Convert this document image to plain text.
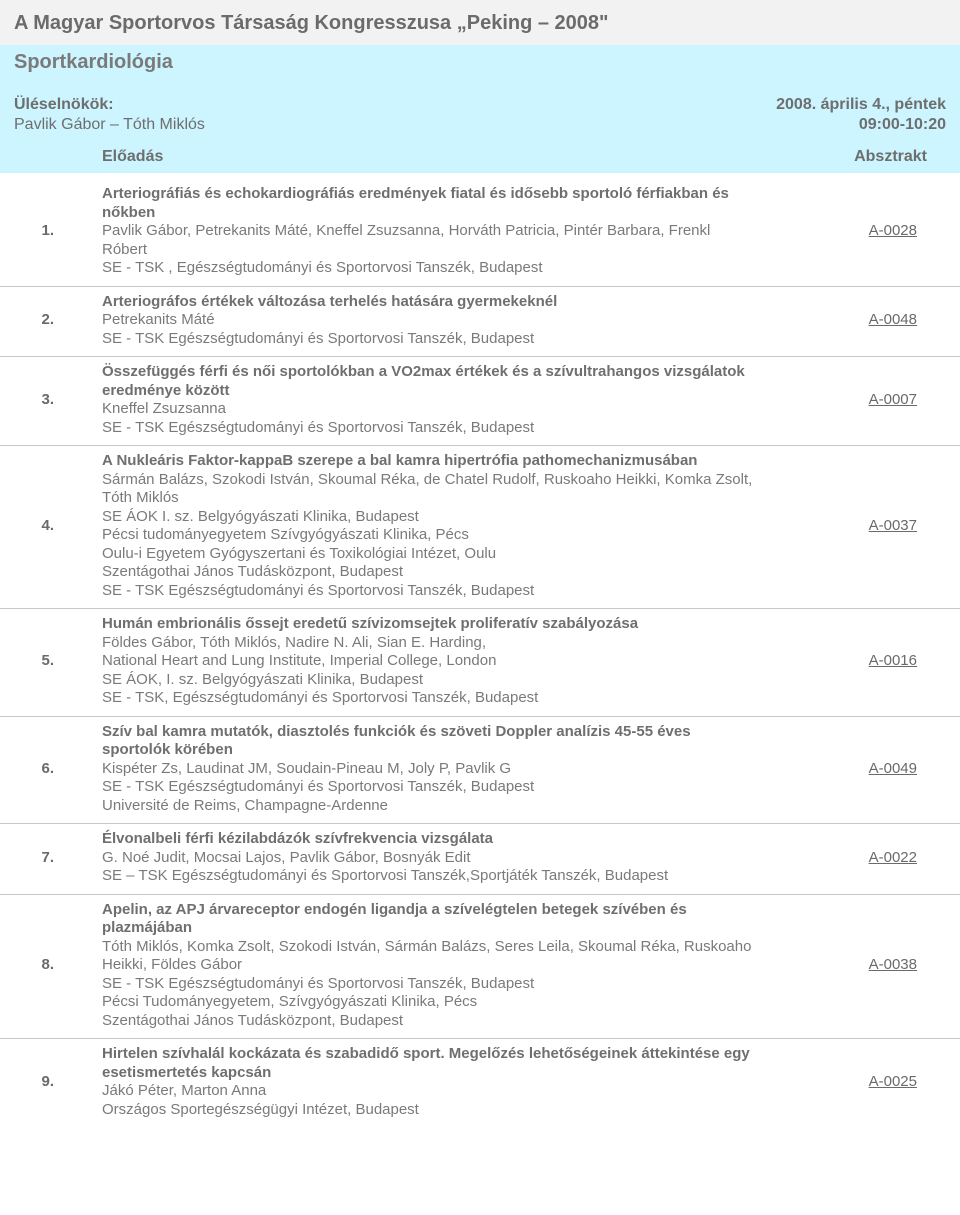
A Magyar Sportorvos Társaság Kongresszusa „Peking – 2008"
Sportkardiológia
Üléselnökök:
Pavlik Gábor – Tóth Miklós
2008. április 4., péntek
09:00-10:20
Előadás	Absztrakt
1.
Arteriográfiás és echokardiográfiás eredmények fiatal és idősebb sportoló férfiakban és
nőkben
Pavlik Gábor, Petrekanits Máté, Kneffel Zsuzsanna, Horváth Patricia, Pintér Barbara, Frenkl
Róbert
SE - TSK , Egészségtudományi és Sportorvosi Tanszék, Budapest
A-0028
2.
Arteriográfos értékek változása terhelés hatására gyermekeknél
Petrekanits Máté
SE - TSK Egészségtudományi és Sportorvosi Tanszék, Budapest
A-0048
3.
Összefüggés férfi és női sportolókban a VO2max értékek és a szívultrahangos vizsgálatok
eredménye között
Kneffel Zsuzsanna
SE - TSK Egészségtudományi és Sportorvosi Tanszék, Budapest
A-0007
4.
A Nukleáris Faktor-kappaB szerepe a bal kamra hipertrófia pathomechanizmusában
Sármán Balázs, Szokodi István, Skoumal Réka, de Chatel Rudolf, Ruskoaho Heikki, Komka Zsolt,
Tóth Miklós
SE ÁOK I. sz. Belgyógyászati Klinika, Budapest
Pécsi tudományegyetem Szívgyógyászati Klinika, Pécs
Oulu-i Egyetem Gyógyszertani és Toxikológiai Intézet, Oulu
Szentágothai János Tudásközpont, Budapest
SE - TSK Egészségtudományi és Sportorvosi Tanszék, Budapest
A-0037
5.
Humán embrionális őssejt eredetű szívizomsejtek proliferatív szabályozása
Földes Gábor, Tóth Miklós, Nadire N. Ali, Sian E. Harding,
National Heart and Lung Institute, Imperial College, London
SE ÁOK, I. sz. Belgyógyászati Klinika, Budapest
SE - TSK, Egészségtudományi és Sportorvosi Tanszék, Budapest
A-0016
6.
Szív bal kamra mutatók, diasztolés funkciók és szöveti Doppler analízis 45-55 éves
sportolók körében
Kispéter Zs, Laudinat JM, Soudain-Pineau M, Joly P, Pavlik G
SE - TSK Egészségtudományi és Sportorvosi Tanszék, Budapest
Université de Reims, Champagne-Ardenne
A-0049
7.
Élvonalbeli férfi kézilabdázók szívfrekvencia vizsgálata
G. Noé Judit, Mocsai Lajos, Pavlik Gábor, Bosnyák Edit
SE – TSK Egészségtudományi és Sportorvosi Tanszék,Sportjáték Tanszék, Budapest
A-0022
8.
Apelin, az APJ árvareceptor endogén ligandja a szívelégtelen betegek szívében és
plazmájában
Tóth Miklós, Komka Zsolt, Szokodi István, Sármán Balázs, Seres Leila, Skoumal Réka, Ruskoaho
Heikki, Földes Gábor
SE - TSK Egészségtudományi és Sportorvosi Tanszék, Budapest
Pécsi Tudományegyetem, Szívgyógyászati Klinika, Pécs
Szentágothai János Tudásközpont, Budapest
A-0038
9.
Hirtelen szívhalál kockázata és szabadidő sport. Megelőzés lehetőségeinek áttekintése egy
esetismertetés kapcsán
Jákó Péter, Marton Anna
Országos Sportegészségügyi Intézet, Budapest
A-0025
